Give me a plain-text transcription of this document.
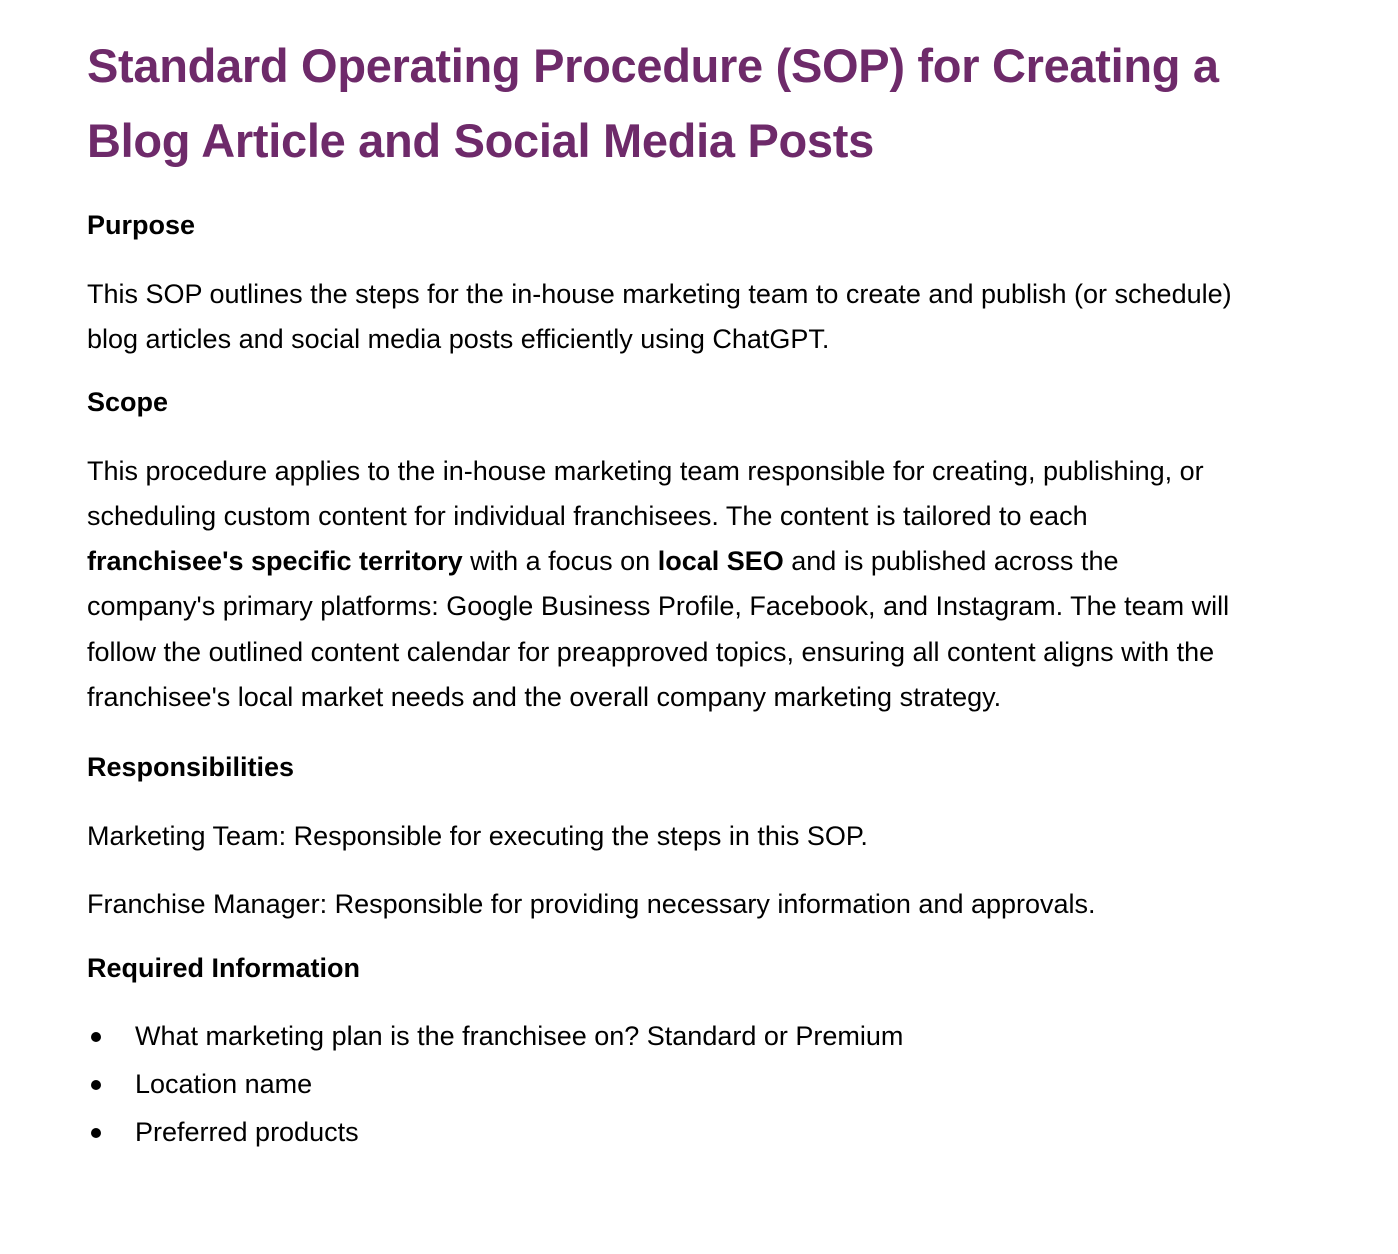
Standard Operating Procedure (SOP) for Creating a Blog Article and Social Media Posts
Purpose

This SOP outlines the steps for the in-house marketing team to create and publish (or schedule) blog articles and social media posts efficiently using ChatGPT.

Scope

This procedure applies to the in-house marketing team responsible for creating, publishing, or scheduling custom content for individual franchisees. The content is tailored to each franchisee's specific territory with a focus on local SEO and is published across the company's primary platforms: Google Business Profile, Facebook, and Instagram. The team will follow the outlined content calendar for preapproved topics, ensuring all content aligns with the franchisee's local market needs and the overall company marketing strategy.

Responsibilities

Marketing Team: Responsible for executing the steps in this SOP.

Franchise Manager: Responsible for providing necessary information and approvals.

Required Information
What marketing plan is the franchisee on? Standard or Premium
Location name
Preferred products
